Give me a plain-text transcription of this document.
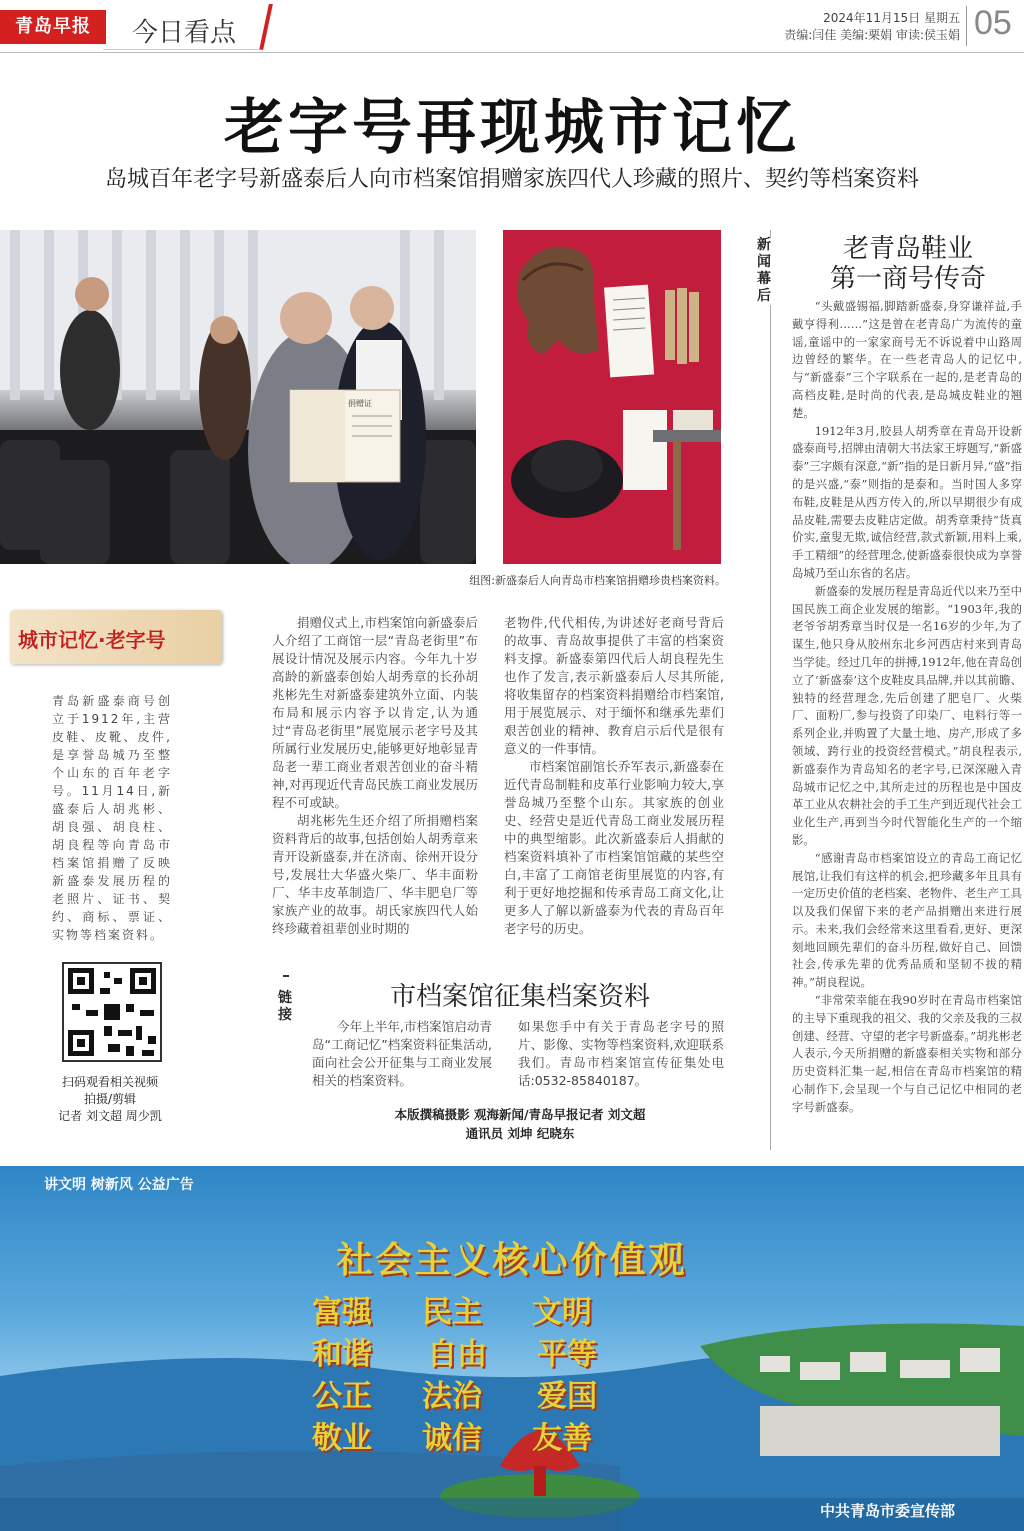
青岛早报	今日看点	2024年11月15日 星期五
责编:闫佳 美编:栗娟 审读:侯玉娟 05
老字号再现城市记忆
岛城百年老字号新盛泰后人向市档案馆捐赠家族四代人珍藏的照片、契约等档案资料
捐赠证
组图:新盛泰后人向青岛市档案馆捐赠珍贵档案资料。
城市记忆·老字号
青岛新盛泰商号创立于1912年,主营皮鞋、皮靴、皮件,是享誉岛城乃至整个山东的百年老字号。11月14日,新盛泰后人胡兆彬、胡良强、胡良柱、胡良程等向青岛市档案馆捐赠了反映新盛泰发展历程的老照片、证书、契约、商标、票证、实物等档案资料。
扫码观看相关视频
拍摄/剪辑
记者 刘文超 周少凯

捐赠仪式上,市档案馆向新盛泰后人介绍了工商馆一层“青岛老街里”布展设计情况及展示内容。今年九十岁高龄的新盛泰创始人胡秀章的长孙胡兆彬先生对新盛泰建筑外立面、内装布局和展示内容予以肯定,认为通过“青岛老街里”展览展示老字号及其所属行业发展历史,能够更好地彰显青岛老一辈工商业者艰苦创业的奋斗精神,对再现近代青岛民族工商业发展历程不可或缺。

胡兆彬先生还介绍了所捐赠档案资料背后的故事,包括创始人胡秀章来青开设新盛泰,并在济南、徐州开设分号,发展壮大华盛火柴厂、华丰面粉厂、华丰皮革制造厂、华丰肥皂厂等家族产业的故事。胡氏家族四代人始终珍藏着祖辈创业时期的

老物件,代代相传,为讲述好老商号背后的故事、青岛故事提供了丰富的档案资料支撑。新盛泰第四代后人胡良程先生也作了发言,表示新盛泰后人尽其所能,将收集留存的档案资料捐赠给市档案馆,用于展览展示、对于缅怀和继承先辈们艰苦创业的精神、教育启示后代是很有意义的一件事情。

市档案馆副馆长乔军表示,新盛泰在近代青岛制鞋和皮革行业影响力较大,享誉岛城乃至整个山东。其家族的创业史、经营史是近代青岛工商业发展历程中的典型缩影。此次新盛泰后人捐献的档案资料填补了市档案馆馆藏的某些空白,丰富了工商馆老街里展览的内容,有利于更好地挖掘和传承青岛工商文化,让更多人了解以新盛泰为代表的青岛百年老字号的历史。

链接
市档案馆征集档案资料
今年上半年,市档案馆启动青岛“工商记忆”档案资料征集活动,面向社会公开征集与工商业发展相关的档案资料。
如果您手中有关于青岛老字号的照片、影像、实物等档案资料,欢迎联系我们。青岛市档案馆宣传征集处电话:0532-85840187。
本版撰稿摄影 观海新闻/青岛早报记者 刘文超
通讯员 刘坤 纪晓东
新闻幕后
老青岛鞋业
第一商号传奇

“头戴盛锡福,脚踏新盛泰,身穿谦祥益,手戴亨得利……”这是曾在老青岛广为流传的童谣,童谣中的一家家商号无不诉说着中山路周边曾经的繁华。在一些老青岛人的记忆中,与“新盛泰”三个字联系在一起的,是老青岛的高档皮鞋,是时尚的代表,是岛城皮鞋业的翘楚。

1912年3月,胶县人胡秀章在青岛开设新盛泰商号,招牌由清朝大书法家王垿题写,“新盛泰”三字颇有深意,“新”指的是日新月异,“盛”指的是兴盛,“泰”则指的是泰和。当时国人多穿布鞋,皮鞋是从西方传入的,所以早期很少有成品皮鞋,需要去皮鞋店定做。胡秀章秉持“货真价实,童叟无欺,诚信经营,款式新颖,用料上乘,手工精细”的经营理念,使新盛泰很快成为享誉岛城乃至山东省的名店。

新盛泰的发展历程是青岛近代以来乃至中国民族工商企业发展的缩影。“1903年,我的老爷爷胡秀章当时仅是一名16岁的少年,为了谋生,他只身从胶州东北乡河西店村来到青岛当学徒。经过几年的拼搏,1912年,他在青岛创立了‘新盛泰’这个皮鞋皮具品牌,并以其前瞻、独特的经营理念,先后创建了肥皂厂、火柴厂、面粉厂,参与投资了印染厂、电料行等一系列企业,并购置了大量土地、房产,形成了多领域、跨行业的投资经营模式。”胡良程表示,新盛泰作为青岛知名的老字号,已深深融入青岛城市记忆之中,其所走过的历程也是中国皮革工业从农耕社会的手工生产到近现代社会工业化生产,再到当今时代智能化生产的一个缩影。

“感谢青岛市档案馆设立的青岛工商记忆展馆,让我们有这样的机会,把珍藏多年且具有一定历史价值的老档案、老物件、老生产工具以及我们保留下来的老产品捐赠出来进行展示。未来,我们会经常来这里看看,更好、更深刻地回顾先辈们的奋斗历程,做好自己、回馈社会,传承先辈的优秀品质和坚韧不拔的精神。”胡良程说。

“非常荣幸能在我90岁时在青岛市档案馆的主导下重现我的祖父、我的父亲及我的三叔创建、经营、守望的老字号新盛泰。”胡兆彬老人表示,今天所捐赠的新盛泰相关实物和部分历史资料汇集一起,相信在青岛市档案馆的精心制作下,会呈现一个与自己记忆中相同的老字号新盛泰。

讲文明 树新风 公益广告
社会主义核心价值观
富强 民主 文明和谐 自由 平等公正 法治 爱国敬业 诚信 友善
中共青岛市委宣传部
